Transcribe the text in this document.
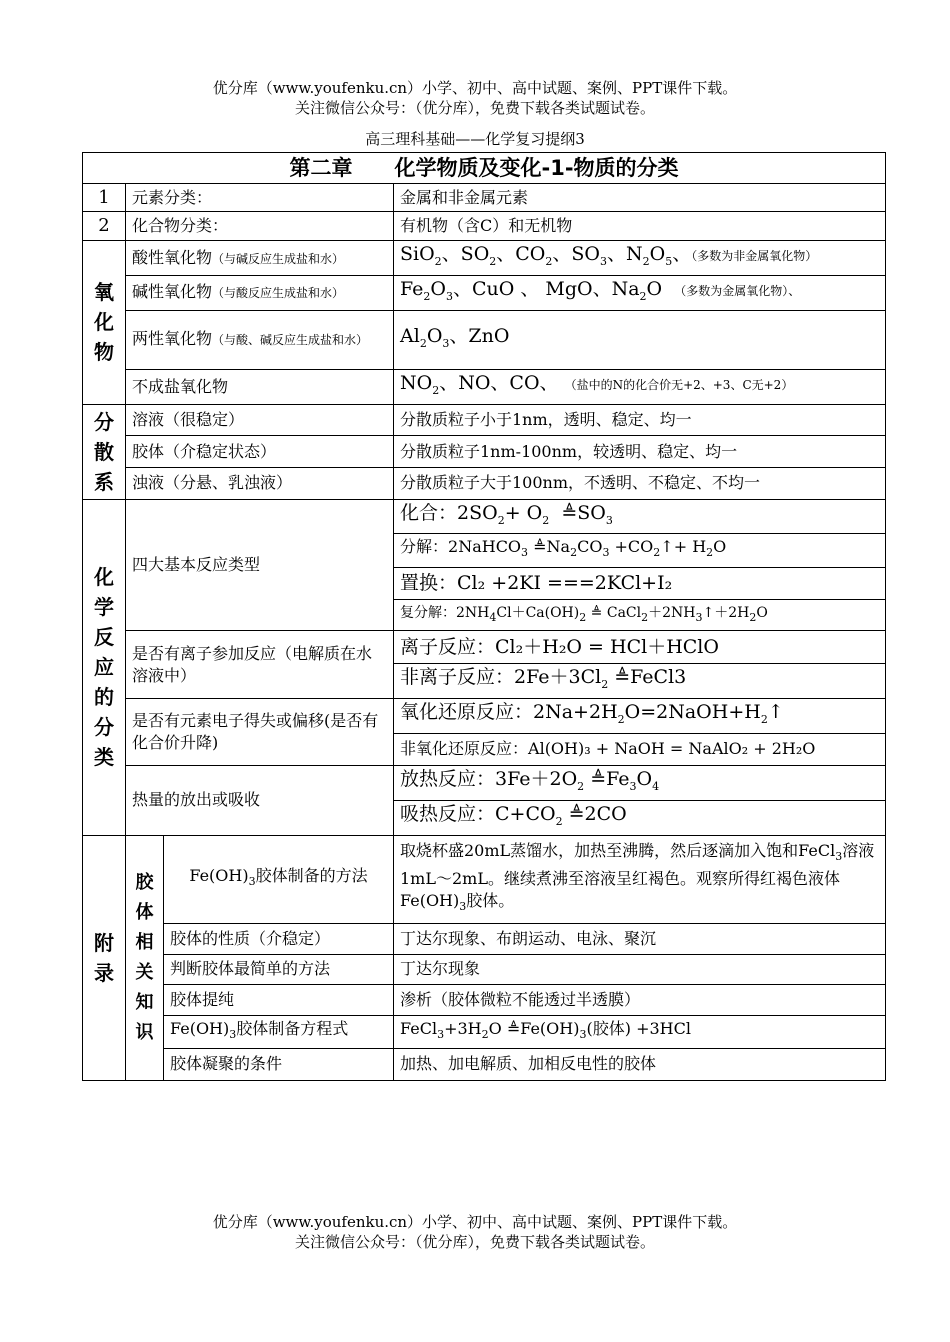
优分库（www.youfenku.cn）小学、初中、高中试题、案例、PPT课件下载。
关注微信公众号：（优分库），免费下载各类试题试卷。
高三理科基础——化学复习提纲3
第二章　　化学物质及变化-1-物质的分类			
1	元素分类：		金属和非金属元素
2	化合物分类：		有机物（含C）和无机物
氧化物	酸性氧化物（与碱反应生成盐和水）		SiO$_2$、$SO_2$、$CO_2$、$SO_3$、$N_2O_5$、（多数为非金属氧化物）
	碱性氧化物（与酸反应生成盐和水）		$Fe_2O_3$、CuO 、 MgO、$Na_2O$  （多数为金属氧化物）、
	两性氧化物（与酸、碱反应生成盐和水）		$Al_2O_3$、ZnO
	不成盐氧化物		$NO_2$、NO、CO、 （盐中的N的化合价无+2、+3、C无+2）
分散系	溶液（很稳定）		分散质粒子小于1nm，透明、稳定、均一
	胶体（介稳定状态）		分散质粒子1nm-100nm，较透明、稳定、均一
	浊液（分悬、乳浊液）		分散质粒子大于100nm，不透明、不稳定、不均一
化学反应的分类	四大基本反应类型		化合：$2SO_2+ O_2$  $≜SO_3$
			分解：2NaHCO$_3$ $≜Na_2CO_3$ $+CO_2↑+ H_2O$
			置换：Cl₂ +2KI ===2KCl+I₂
			复分解：$2NH_4Cl+Ca(OH)_2$ ≜ $CaCl_2+2NH_3↑+2H_2O$
	是否有离子参加反应（电解质在水溶液中）		离子反应：Cl₂＋H₂O = HCl＋HClO
			非离子反应：$2Fe+3Cl_2$ ≜FeCl3
	是否有元素电子得失或偏移(是否有化合价升降)		氧化还原反应：$2Na+2H_2O=2NaOH+H_2↑$
			非氧化还原反应：Al(OH)₃ + NaOH = NaAlO₂ + 2H₂O
	热量的放出或吸收		放热反应：$3Fe+2O_2$ $≜Fe_3O_4$
			吸热反应：$C+CO_2$ ≜2CO
附录	胶体相关知识	$Fe(OH)_3$胶体制备的方法	取烧杯盛20mL蒸馏水，加热至沸腾，然后逐滴加入饱和FeCl$_3$溶液1mL～2mL。继续煮沸至溶液呈红褐色。观察所得红褐色液体$Fe(OH)_3$胶体。
		胶体的性质（介稳定）	丁达尔现象、布朗运动、电泳、聚沉
		判断胶体最简单的方法	丁达尔现象
		胶体提纯	渗析（胶体微粒不能透过半透膜）
		$Fe(OH)_3$胶体制备方程式	$FeCl_3+3H_2O$ $≜Fe(OH)_3$(胶体) +3HCl
		胶体凝聚的条件	加热、加电解质、加相反电性的胶体
优分库（www.youfenku.cn）小学、初中、高中试题、案例、PPT课件下载。
关注微信公众号：（优分库），免费下载各类试题试卷。
